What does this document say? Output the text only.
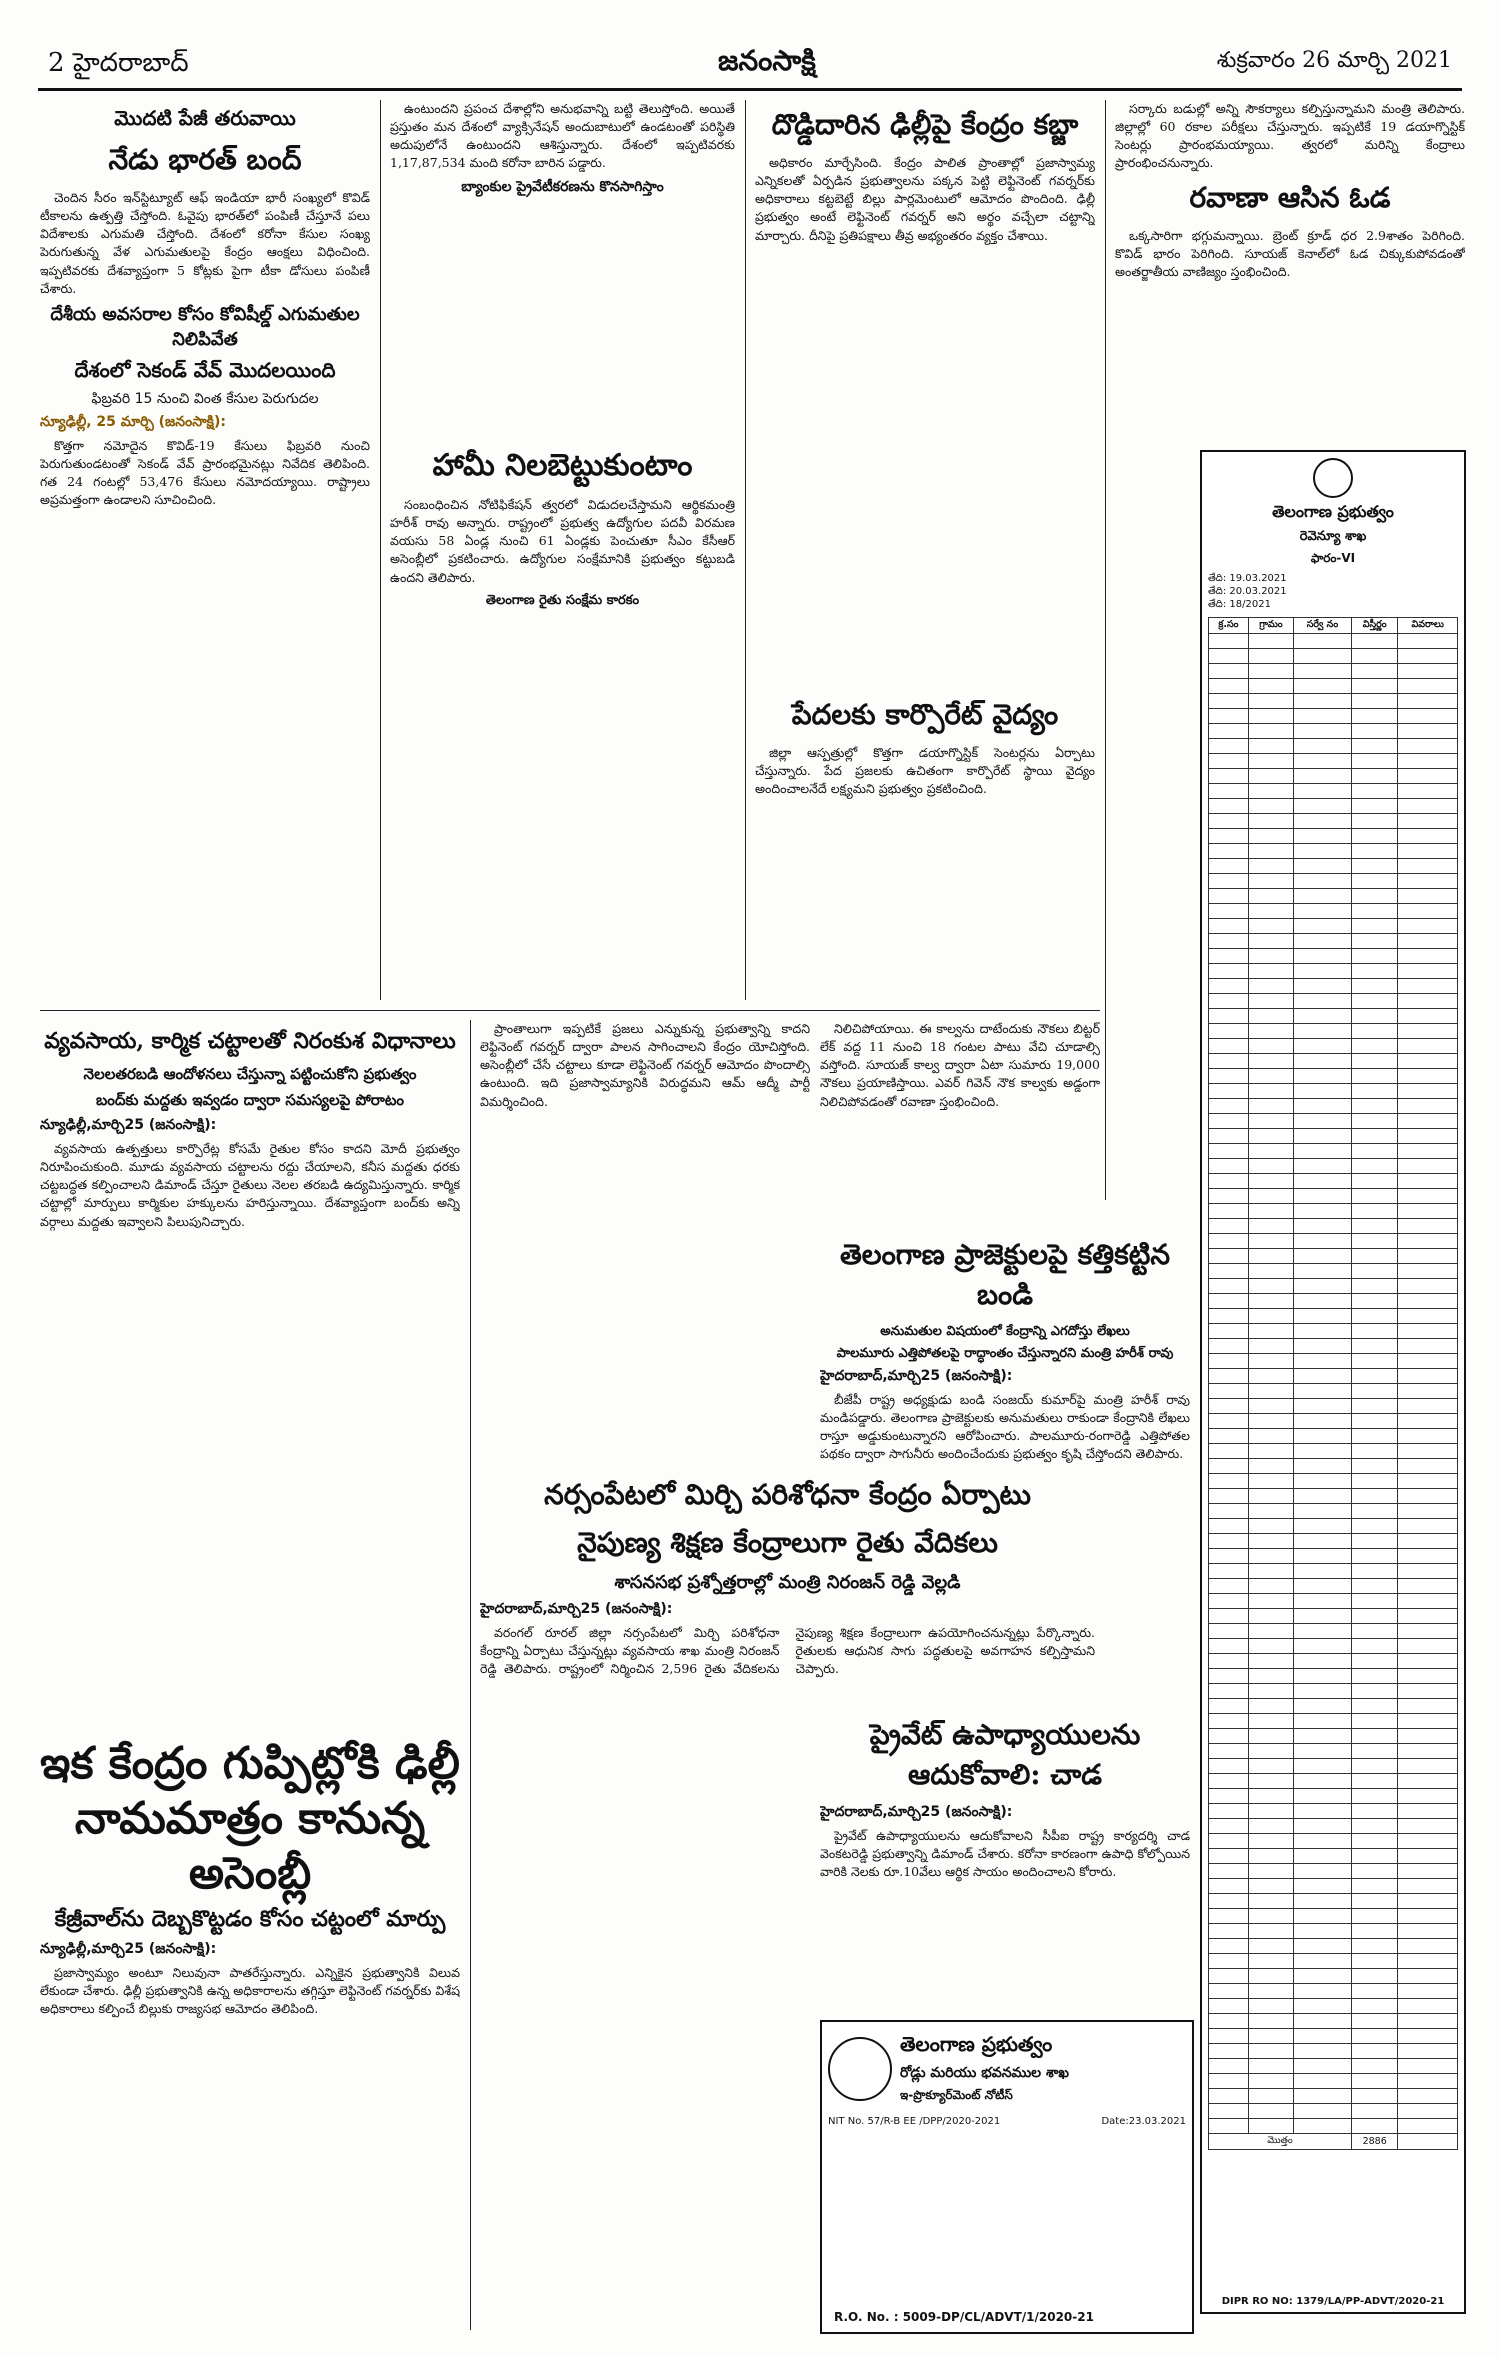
2 హైదరాబాద్	జనంసాక్షి	శుక్రవారం 26 మార్చి 2021
మొదటి పేజీ తరువాయి
నేడు భారత్ బంద్

చెందిన సీరం ఇన్‌స్టిట్యూట్ ఆఫ్ ఇండియా భారీ సంఖ్యలో కొవిడ్ టీకాలను ఉత్పత్తి చేస్తోంది. ఓవైపు భారత్‌లో పంపిణీ చేస్తూనే పలు విదేశాలకు ఎగుమతి చేస్తోంది. దేశంలో కరోనా కేసుల సంఖ్య పెరుగుతున్న వేళ ఎగుమతులపై కేంద్రం ఆంక్షలు విధించింది. ఇప్పటివరకు దేశవ్యాప్తంగా 5 కోట్లకు పైగా టీకా డోసులు పంపిణీ చేశారు.

దేశీయ అవసరాల కోసం కోవిషీల్డ్ ఎగుమతుల నిలిపివేత
దేశంలో సెకండ్ వేవ్ మొదలయింది
ఫిబ్రవరి 15 నుంచి వింత కేసుల పెరుగుదల
న్యూఢిల్లీ, 25 మార్చి (జనంసాక్షి):

కొత్తగా నమోదైన కొవిడ్-19 కేసులు ఫిబ్రవరి నుంచి పెరుగుతుండటంతో సెకండ్ వేవ్ ప్రారంభమైనట్లు నివేదిక తెలిపింది. గత 24 గంటల్లో 53,476 కేసులు నమోదయ్యాయి. రాష్ట్రాలు అప్రమత్తంగా ఉండాలని సూచించింది.

ఉంటుందని ప్రపంచ దేశాల్లోని అనుభవాన్ని బట్టి తెలుస్తోంది. అయితే ప్రస్తుతం మన దేశంలో వ్యాక్సినేషన్ అందుబాటులో ఉండటంతో పరిస్థితి అదుపులోనే ఉంటుందని ఆశిస్తున్నారు. దేశంలో ఇప్పటివరకు 1,17,87,534 మంది కరోనా బారిన పడ్డారు.

బ్యాంకుల ప్రైవేటీకరణను కొనసాగిస్తాం
హామీ నిలబెట్టుకుంటాం

సంబంధించిన నోటిఫికేషన్ త్వరలో విడుదలచేస్తామని ఆర్థికమంత్రి హరీశ్ రావు అన్నారు. రాష్ట్రంలో ప్రభుత్వ ఉద్యోగుల పదవీ విరమణ వయసు 58 ఏండ్ల నుంచి 61 ఏండ్లకు పెంచుతూ సీఎం కేసీఆర్ అసెంబ్లీలో ప్రకటించారు. ఉద్యోగుల సంక్షేమానికి ప్రభుత్వం కట్టుబడి ఉందని తెలిపారు.

తెలంగాణ రైతు సంక్షేమ కారకం
దొడ్డిదారిన ఢిల్లీపై కేంద్రం కబ్జా

అధికారం మార్చేసింది. కేంద్రం పాలిత ప్రాంతాల్లో ప్రజాస్వామ్య ఎన్నికలతో ఏర్పడిన ప్రభుత్వాలను పక్కన పెట్టి లెఫ్టినెంట్ గవర్నర్‌కు అధికారాలు కట్టబెట్టే బిల్లు పార్లమెంటులో ఆమోదం పొందింది. ఢిల్లీ ప్రభుత్వం అంటే లెఫ్టినెంట్ గవర్నర్ అని అర్థం వచ్చేలా చట్టాన్ని మార్చారు. దీనిపై ప్రతిపక్షాలు తీవ్ర అభ్యంతరం వ్యక్తం చేశాయి.

పేదలకు కార్పొరేట్ వైద్యం

జిల్లా ఆస్పత్రుల్లో కొత్తగా డయాగ్నొస్టిక్ సెంటర్లను ఏర్పాటు చేస్తున్నారు. పేద ప్రజలకు ఉచితంగా కార్పొరేట్ స్థాయి వైద్యం అందించాలనేదే లక్ష్యమని ప్రభుత్వం ప్రకటించింది.

సర్కారు బడుల్లో అన్ని సౌకర్యాలు కల్పిస్తున్నామని మంత్రి తెలిపారు. జిల్లాల్లో 60 రకాల పరీక్షలు చేస్తున్నారు. ఇప్పటికే 19 డయాగ్నొస్టిక్ సెంటర్లు ప్రారంభమయ్యాయి. త్వరలో మరిన్ని కేంద్రాలు ప్రారంభించనున్నారు.

రవాణా ఆసిన ఓడ

ఒక్కసారిగా భగ్గుమన్నాయి. బ్రెంట్ క్రూడ్ ధర 2.9శాతం పెరిగింది. కొవిడ్ భారం పెరిగింది. సూయజ్ కెనాల్‌లో ఓడ చిక్కుకుపోవడంతో అంతర్జాతీయ వాణిజ్యం స్తంభించింది.

తెలంగాణ ప్రభుత్వం
రెవెన్యూ శాఖ
ఫారం-VI
తేది: 19.03.2021
తేది: 20.03.2021
తేది: 18/2021
క్ర.సం	గ్రామం	సర్వే నం	విస్తీర్ణం	వివరాలు

మొత్తం			2886	
DIPR RO NO: 1379/LA/PP-ADVT/2020-21
వ్యవసాయ, కార్మిక చట్టాలతో నిరంకుశ విధానాలు
నెలలతరబడి ఆందోళనలు చేస్తున్నా పట్టించుకోని ప్రభుత్వం
బంద్‌కు మద్దతు ఇవ్వడం ద్వారా సమస్యలపై పోరాటం
న్యూఢిల్లీ,మార్చి25 (జనంసాక్షి):

వ్యవసాయ ఉత్పత్తులు కార్పొరేట్ల కోసమే రైతుల కోసం కాదని మోదీ ప్రభుత్వం నిరూపించుకుంది. మూడు వ్యవసాయ చట్టాలను రద్దు చేయాలని, కనీస మద్దతు ధరకు చట్టబద్ధత కల్పించాలని డిమాండ్ చేస్తూ రైతులు నెలల తరబడి ఉద్యమిస్తున్నారు. కార్మిక చట్టాల్లో మార్పులు కార్మికుల హక్కులను హరిస్తున్నాయి. దేశవ్యాప్తంగా బంద్‌కు అన్ని వర్గాలు మద్దతు ఇవ్వాలని పిలుపునిచ్చారు.

ఇక కేంద్రం గుప్పిట్లోకి ఢిల్లీ నామమాత్రం కానున్న అసెంబ్లీ
కేజ్రీవాల్‌ను దెబ్బకొట్టడం కోసం చట్టంలో మార్పు
న్యూఢిల్లీ,మార్చి25 (జనంసాక్షి):

ప్రజాస్వామ్యం అంటూ నిలువునా పాతరేస్తున్నారు. ఎన్నికైన ప్రభుత్వానికి విలువ లేకుండా చేశారు. ఢిల్లీ ప్రభుత్వానికి ఉన్న అధికారాలను తగ్గిస్తూ లెఫ్టినెంట్ గవర్నర్‌కు విశేష అధికారాలు కల్పించే బిల్లుకు రాజ్యసభ ఆమోదం తెలిపింది.

ప్రాంతాలుగా ఇప్పటికే ప్రజలు ఎన్నుకున్న ప్రభుత్వాన్ని కాదని లెఫ్టినెంట్ గవర్నర్ ద్వారా పాలన సాగించాలని కేంద్రం యోచిస్తోంది. అసెంబ్లీలో చేసే చట్టాలు కూడా లెఫ్టినెంట్ గవర్నర్ ఆమోదం పొందాల్సి ఉంటుంది. ఇది ప్రజాస్వామ్యానికి విరుద్ధమని ఆమ్ ఆద్మీ పార్టీ విమర్శించింది.

నర్సంపేటలో మిర్చి పరిశోధనా కేంద్రం ఏర్పాటు
నైపుణ్య శిక్షణ కేంద్రాలుగా రైతు వేదికలు
శాసనసభ ప్రశ్నోత్తరాల్లో మంత్రి నిరంజన్ రెడ్డి వెల్లడి
హైదరాబాద్,మార్చి25 (జనంసాక్షి):

వరంగల్ రూరల్ జిల్లా నర్సంపేటలో మిర్చి పరిశోధనా కేంద్రాన్ని ఏర్పాటు చేస్తున్నట్లు వ్యవసాయ శాఖ మంత్రి నిరంజన్ రెడ్డి తెలిపారు. రాష్ట్రంలో నిర్మించిన 2,596 రైతు వేదికలను నైపుణ్య శిక్షణ కేంద్రాలుగా ఉపయోగించనున్నట్లు పేర్కొన్నారు. రైతులకు ఆధునిక సాగు పద్ధతులపై అవగాహన కల్పిస్తామని చెప్పారు.

నిలిచిపోయాయి. ఈ కాల్వను దాటేందుకు నౌకలు బిట్టర్ లేక్ వద్ద 11 నుంచి 18 గంటల పాటు వేచి చూడాల్సి వస్తోంది. సూయజ్ కాల్వ ద్వారా ఏటా సుమారు 19,000 నౌకలు ప్రయాణిస్తాయి. ఎవర్ గివెన్ నౌక కాల్వకు అడ్డంగా నిలిచిపోవడంతో రవాణా స్తంభించింది.

తెలంగాణ ప్రాజెక్టులపై కత్తికట్టిన బండి
అనుమతుల విషయంలో కేంద్రాన్ని ఎగదోస్తు లేఖలు
పాలమూరు ఎత్తిపోతలపై రాద్ధాంతం చేస్తున్నారని మంత్రి హరీశ్ రావు
హైదరాబాద్,మార్చి25 (జనంసాక్షి):

బీజేపీ రాష్ట్ర అధ్యక్షుడు బండి సంజయ్ కుమార్‌పై మంత్రి హరీశ్ రావు మండిపడ్డారు. తెలంగాణ ప్రాజెక్టులకు అనుమతులు రాకుండా కేంద్రానికి లేఖలు రాస్తూ అడ్డుకుంటున్నారని ఆరోపించారు. పాలమూరు-రంగారెడ్డి ఎత్తిపోతల పథకం ద్వారా సాగునీరు అందించేందుకు ప్రభుత్వం కృషి చేస్తోందని తెలిపారు.

ప్రైవేట్ ఉపాధ్యాయులను ఆదుకోవాలి: చాడ
హైదరాబాద్,మార్చి25 (జనంసాక్షి):

ప్రైవేట్ ఉపాధ్యాయులను ఆదుకోవాలని సీపీఐ రాష్ట్ర కార్యదర్శి చాడ వెంకటరెడ్డి ప్రభుత్వాన్ని డిమాండ్ చేశారు. కరోనా కారణంగా ఉపాధి కోల్పోయిన వారికి నెలకు రూ.10వేలు ఆర్థిక సాయం అందించాలని కోరారు.

తెలంగాణ ప్రభుత్వం
రోడ్లు మరియు భవనముల శాఖ
ఇ-ప్రొక్యూర్‌మెంట్ నోటీస్
NIT No. 57/R-B EE /DPP/2020-2021	Date:23.03.2021
R.O. No. : 5009-DP/CL/ADVT/1/2020-21
